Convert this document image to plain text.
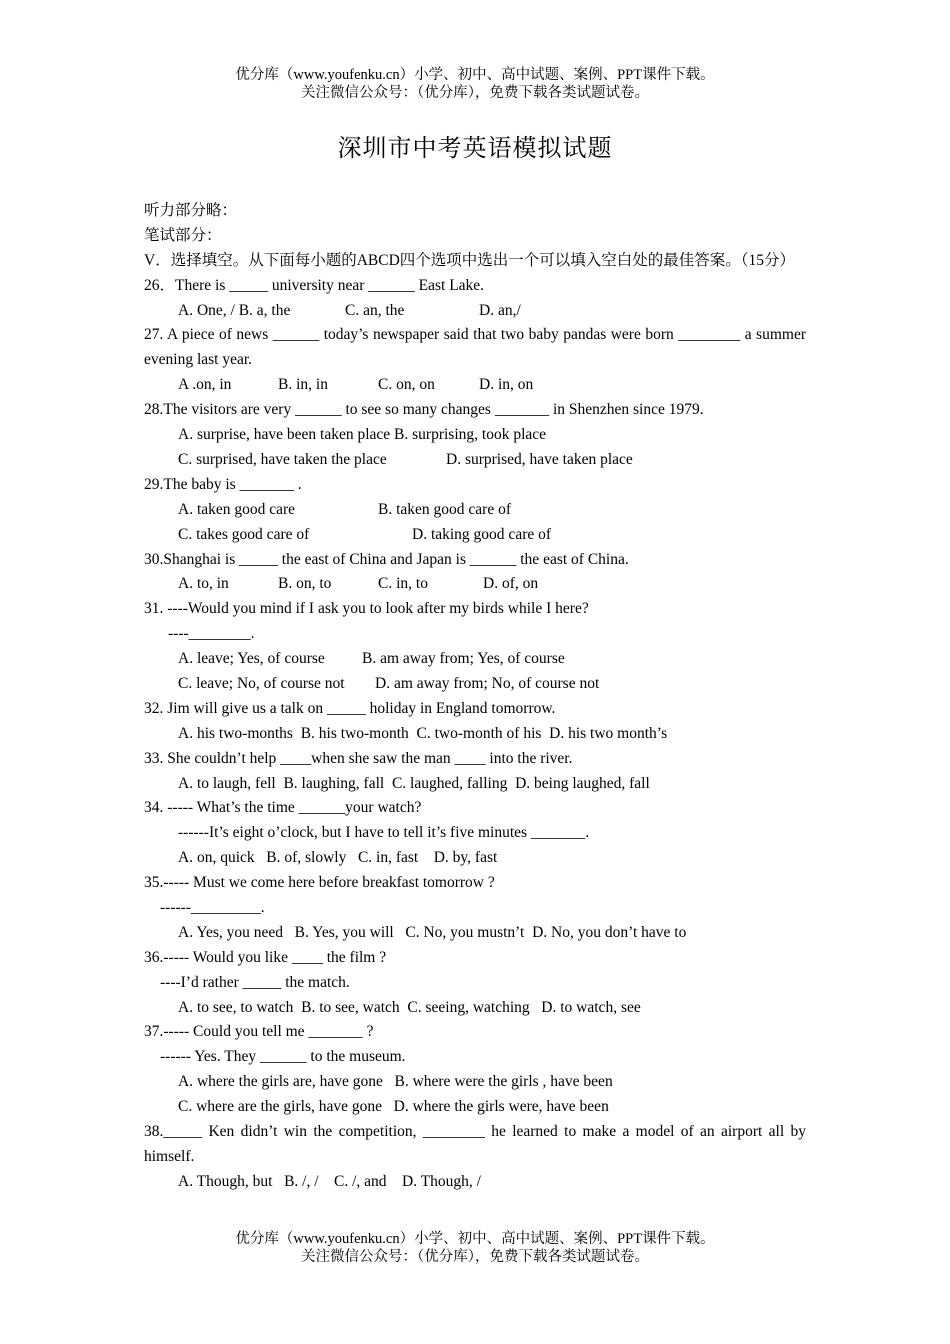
优分库（www.youfenku.cn）小学、初中、高中试题、案例、PPT课件下载。
关注微信公众号：（优分库），免费下载各类试题试卷。
深圳市中考英语模拟试题
听力部分略：
笔试部分：
V．选择填空。从下面每小题的ABCD四个选项中选出一个可以填入空白处的最佳答案。（15分）
26．There is _____ university near ______ East Lake.
A. One, / B. a, the	C. an, the	D. an,/
27. A piece of news ______ today’s newspaper said that two baby pandas were born ________ a summer evening last year.
A .on, in	B. in, in	C. on, on	D. in, on
28.The visitors are very ______ to see so many changes _______ in Shenzhen since 1979.
A. surprise, have been taken place B. surprising, took place
C. surprised, have taken the place	D. surprised, have taken place
29.The baby is _______ .
A. taken good care	B. taken good care of
C. takes good care of	D. taking good care of
30.Shanghai is _____ the east of China and Japan is ______ the east of China.
A. to, in	B. on, to	C. in, to	D. of, on
31. ----Would you mind if I ask you to look after my birds while I here?
----________.
A. leave; Yes, of course B. am away from; Yes, of course
C. leave; No, of course not D. am away from; No, of course not
32. Jim will give us a talk on _____ holiday in England tomorrow.
A. his two-months  B. his two-month  C. two-month of his  D. his two month’s
33. She couldn’t help ____when she saw the man ____ into the river.
A. to laugh, fell  B. laughing, fall  C. laughed, falling  D. being laughed, fall
34. ----- What’s the time ______your watch?
------It’s eight o’clock, but I have to tell it’s five minutes _______.
A. on, quick   B. of, slowly   C. in, fast    D. by, fast
35.----- Must we come here before breakfast tomorrow ?
------_________.
A. Yes, you need   B. Yes, you will   C. No, you mustn’t  D. No, you don’t have to
36.----- Would you like ____ the film ?
----I’d rather _____ the match.
A. to see, to watch  B. to see, watch  C. seeing, watching   D. to watch, see
37.----- Could you tell me _______ ?
------ Yes. They ______ to the museum.
A. where the girls are, have gone   B. where were the girls , have been
C. where are the girls, have gone   D. where the girls were, have been
38._____ Ken didn’t win the competition, ________ he learned to make a model of an airport all by himself.
A. Though, but   B. /, /    C. /, and    D. Though, /
优分库（www.youfenku.cn）小学、初中、高中试题、案例、PPT课件下载。
关注微信公众号：（优分库），免费下载各类试题试卷。
